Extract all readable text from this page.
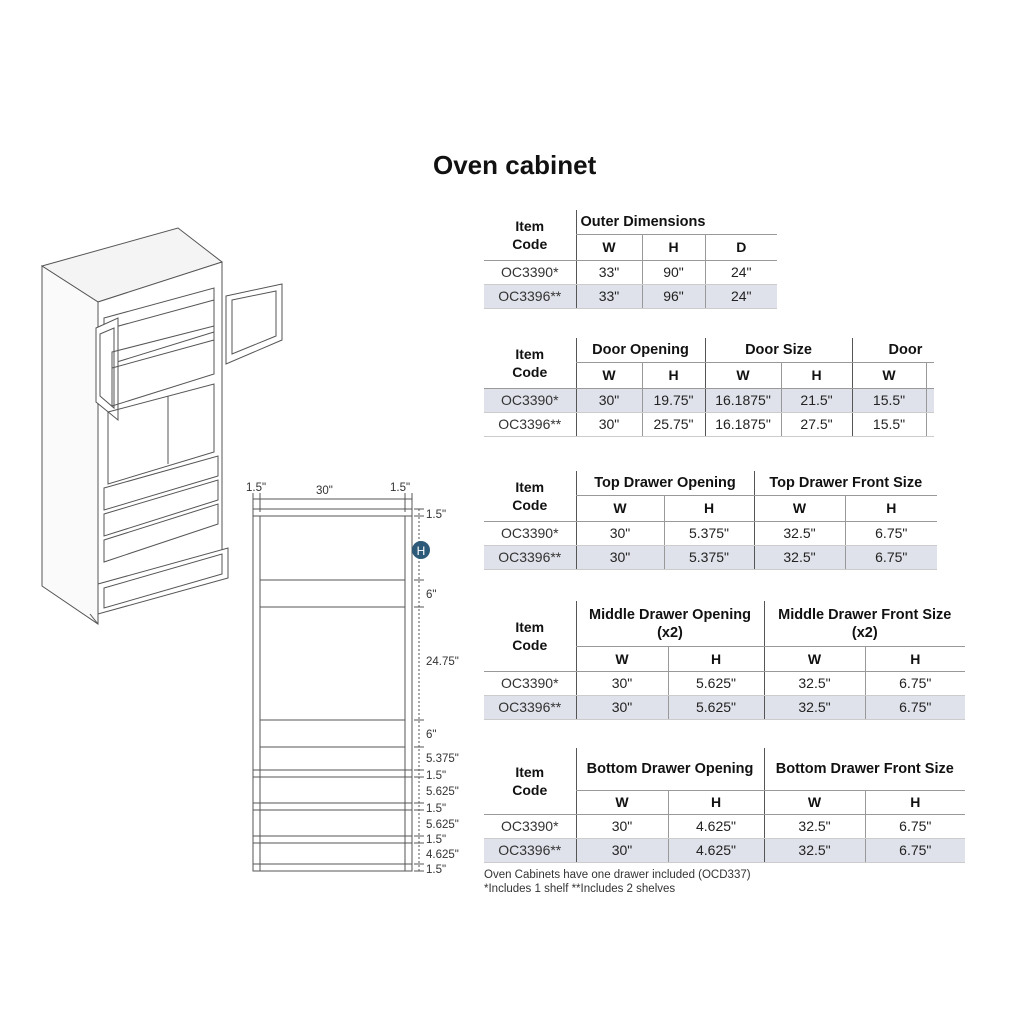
Oven cabinet
1.5"	30"	1.5"
1.5"
6"
24.75"
6"
5.375"
1.5"
5.625"
1.5"
5.625"
1.5"
4.625"
1.5"
H
Item Code	Outer Dimensions		
	W	H	D
OC3390*	33"	90"	24"
OC3396**	33"	96"	24"
Item Code	Door Opening		Door Size		Door	
	W	H	W	H	W	
OC3390*	30"	19.75"	16.1875"	21.5"	15.5"	
OC3396**	30"	25.75"	16.1875"	27.5"	15.5"	
Item Code	Top Drawer Opening		Top Drawer Front Size	
	W	H	W	H
OC3390*	30"	5.375"	32.5"	6.75"
OC3396**	30"	5.375"	32.5"	6.75"
Item Code	Middle Drawer Opening (x2)		Middle Drawer Front Size (x2)	
	W	H	W	H
OC3390*	30"	5.625"	32.5"	6.75"
OC3396**	30"	5.625"	32.5"	6.75"
Item Code	Bottom Drawer Opening		Bottom Drawer Front Size	
	W	H	W	H
OC3390*	30"	4.625"	32.5"	6.75"
OC3396**	30"	4.625"	32.5"	6.75"
Oven Cabinets have one drawer included (OCD337)
*Includes 1 shelf **Includes 2 shelves
